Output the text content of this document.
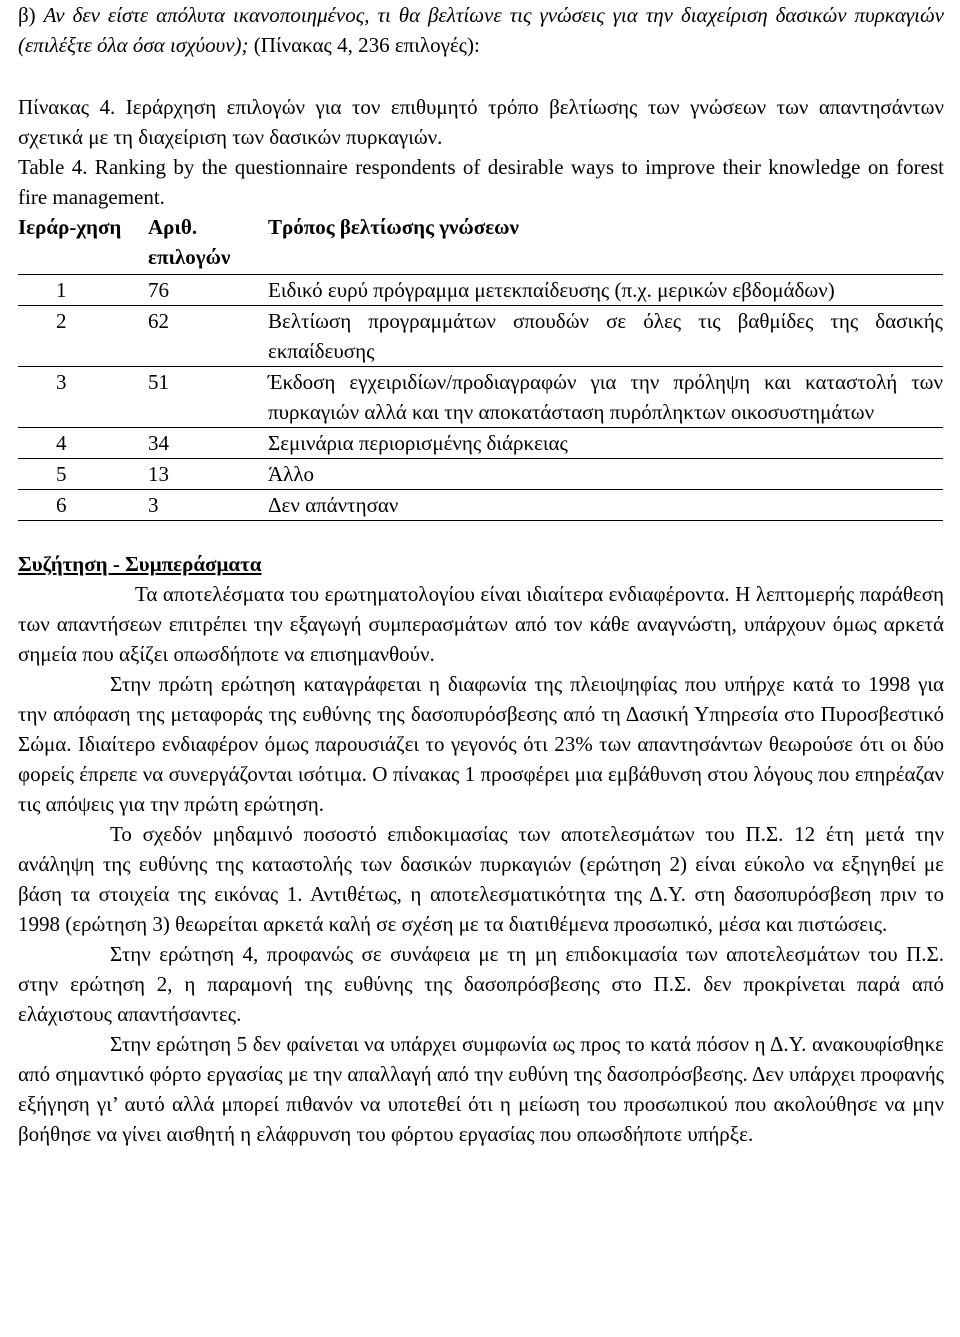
β) Αν δεν είστε απόλυτα ικανοποιημένος, τι θα βελτίωνε τις γνώσεις για την διαχείριση δασικών πυρκαγιών (επιλέξτε όλα όσα ισχύουν); (Πίνακας 4, 236 επιλογές):

Πίνακας 4. Ιεράρχηση επιλογών για τον επιθυμητό τρόπο βελτίωσης των γνώσεων των απαντησάντων σχετικά με τη διαχείριση των δασικών πυρκαγιών.

Table 4. Ranking by the questionnaire respondents of desirable ways to improve their knowledge on forest fire management.

Ιεράρ-χηση	Αριθ. επιλογών	Τρόπος βελτίωσης γνώσεων
1	76	Ειδικό ευρύ πρόγραμμα μετεκπαίδευσης (π.χ. μερικών εβδομάδων)
2	62	Βελτίωση προγραμμάτων σπουδών σε όλες τις βαθμίδες της δασικής εκπαίδευσης
3	51	Έκδοση εγχειριδίων/προδιαγραφών για την πρόληψη και καταστολή των πυρκαγιών αλλά και την αποκατάσταση πυρόπληκτων οικοσυστημάτων
4	34	Σεμινάρια περιορισμένης διάρκειας
5	13	Άλλο
6	3	Δεν απάντησαν
Συζήτηση - Συμπεράσματα

Τα αποτελέσματα του ερωτηματολογίου είναι ιδιαίτερα ενδιαφέροντα. Η λεπτομερής παράθεση των απαντήσεων επιτρέπει την εξαγωγή συμπερασμάτων από τον κάθε αναγνώστη, υπάρχουν όμως αρκετά σημεία που αξίζει οπωσδήποτε να επισημανθούν.

Στην πρώτη ερώτηση καταγράφεται η διαφωνία της πλειοψηφίας που υπήρχε κατά το 1998 για την απόφαση της μεταφοράς της ευθύνης της δασοπυρόσβεσης από τη Δασική Υπηρεσία στο Πυροσβεστικό Σώμα. Ιδιαίτερο ενδιαφέρον όμως παρουσιάζει το γεγονός ότι 23% των απαντησάντων θεωρούσε ότι οι δύο φορείς έπρεπε να συνεργάζονται ισότιμα. Ο πίνακας 1 προσφέρει μια εμβάθυνση στου λόγους που επηρέαζαν τις απόψεις για την πρώτη ερώτηση.

Το σχεδόν μηδαμινό ποσοστό επιδοκιμασίας των αποτελεσμάτων του Π.Σ. 12 έτη μετά την ανάληψη της ευθύνης της καταστολής των δασικών πυρκαγιών (ερώτηση 2) είναι εύκολο να εξηγηθεί με βάση τα στοιχεία της εικόνας 1. Αντιθέτως, η αποτελεσματικότητα της Δ.Υ. στη δασοπυρόσβεση πριν το 1998 (ερώτηση 3) θεωρείται αρκετά καλή σε σχέση με τα διατιθέμενα προσωπικό, μέσα και πιστώσεις.

Στην ερώτηση 4, προφανώς σε συνάφεια με τη μη επιδοκιμασία των αποτελεσμάτων του Π.Σ. στην ερώτηση 2, η παραμονή της ευθύνης της δασοπρόσβεσης στο Π.Σ. δεν προκρίνεται παρά από ελάχιστους απαντήσαντες.

Στην ερώτηση 5 δεν φαίνεται να υπάρχει συμφωνία ως προς το κατά πόσον η Δ.Υ. ανακουφίσθηκε από σημαντικό φόρτο εργασίας με την απαλλαγή από την ευθύνη της δασοπρόσβεσης. Δεν υπάρχει προφανής εξήγηση γι’ αυτό αλλά μπορεί πιθανόν να υποτεθεί ότι η μείωση του προσωπικού που ακολούθησε να μην βοήθησε να γίνει αισθητή η ελάφρυνση του φόρτου εργασίας που οπωσδήποτε υπήρξε.
